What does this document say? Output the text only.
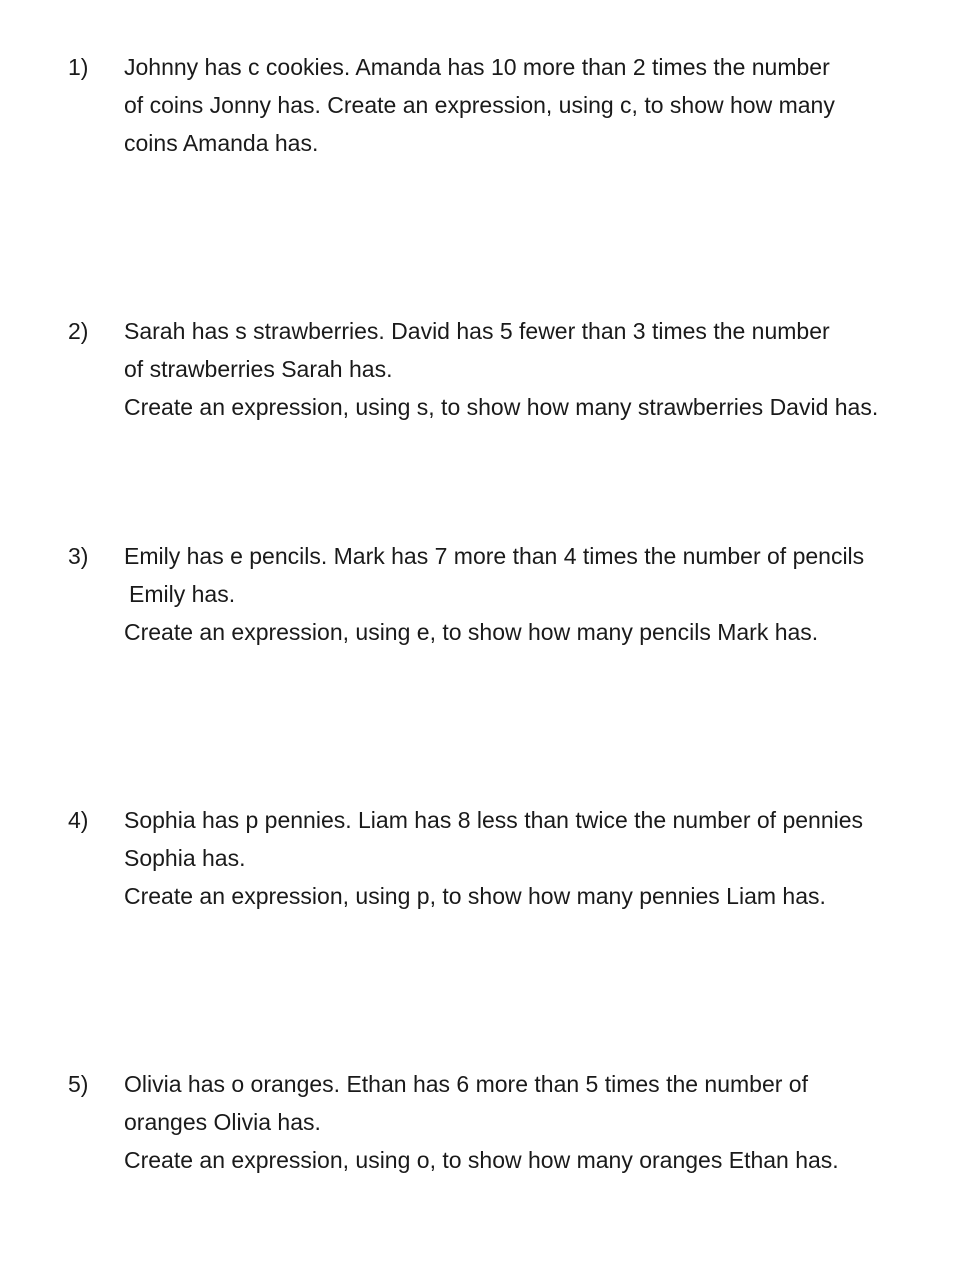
1) Johnny has c cookies. Amanda has 10 more than 2 times the number
of coins Jonny has. Create an expression, using c, to show how many
coins Amanda has.
2) Sarah has s strawberries. David has 5 fewer than 3 times the number
of strawberries Sarah has.
Create an expression, using s, to show how many strawberries David has.
3) Emily has e pencils. Mark has 7 more than 4 times the number of pencils
Emily has.
Create an expression, using e, to show how many pencils Mark has.
4) Sophia has p pennies. Liam has 8 less than twice the number of pennies
Sophia has.
Create an expression, using p, to show how many pennies Liam has.
5) Olivia has o oranges. Ethan has 6 more than 5 times the number of
oranges Olivia has.
Create an expression, using o, to show how many oranges Ethan has.
